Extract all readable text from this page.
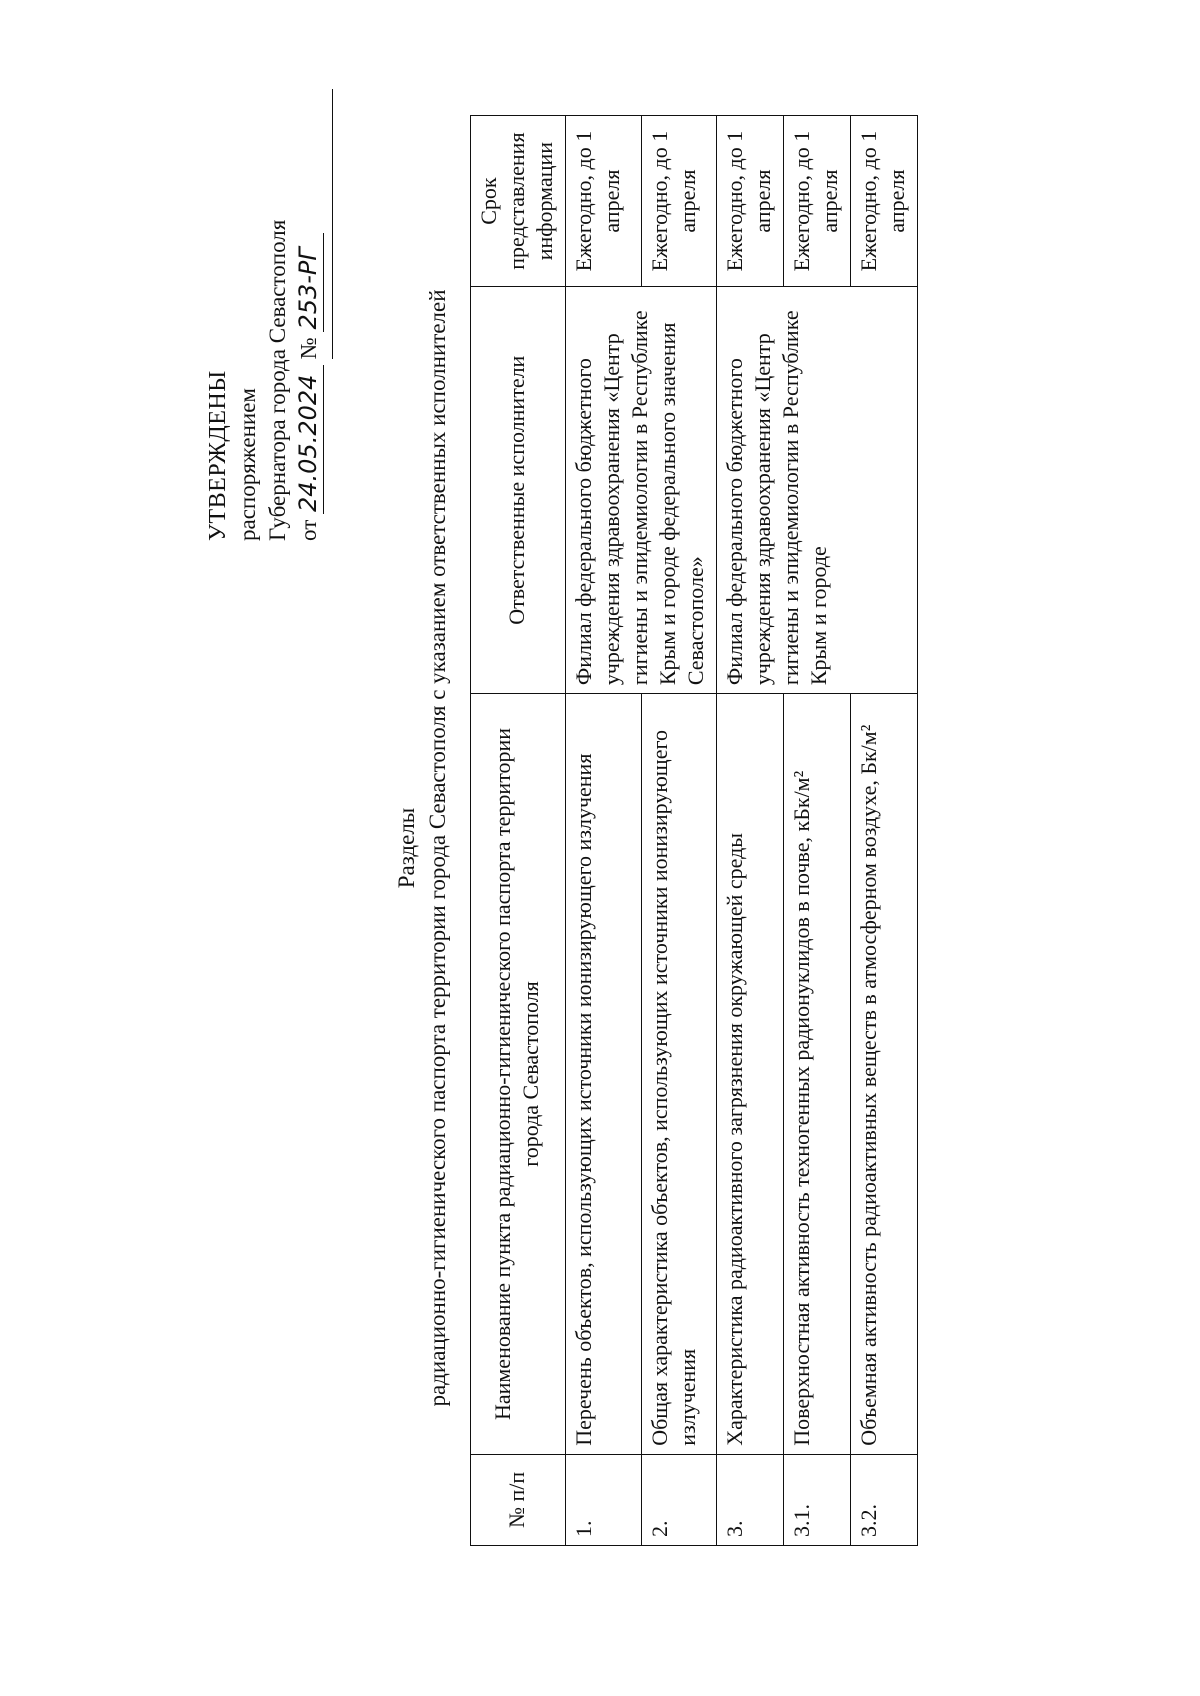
УТВЕРЖДЕНЫ распоряжением Губернатора города Севастополя от 24.05.2024 № 253-РГ
Разделы радиационно-гигиенического паспорта территории города Севастополя с указанием ответственных исполнителей
№ п/п	Наименование пункта радиационно-гигиенического паспорта территории города Севастополя	Ответственные исполнители	Срок представления информации
1.	Перечень объектов, использующих источники ионизирующего излучения	Филиал федерального бюджетного учреждения здравоохранения «Центр гигиены и эпидемиологии в Республике Крым и городе федерального значения Севастополе»	Ежегодно, до 1 апреля
2.	Общая характеристика объектов, использующих источники ионизирующего излучения		Ежегодно, до 1 апреля
3.	Характеристика радиоактивного загрязнения окружающей среды	Филиал федерального бюджетного учреждения здравоохранения «Центр гигиены и эпидемиологии в Республике Крым и городе	Ежегодно, до 1 апреля
3.1.	Поверхностная активность техногенных радионуклидов в почве, кБк/м²		Ежегодно, до 1 апреля
3.2.	Объемная активность радиоактивных веществ в атмосферном воздухе, Бк/м²		Ежегодно, до 1 апреля
